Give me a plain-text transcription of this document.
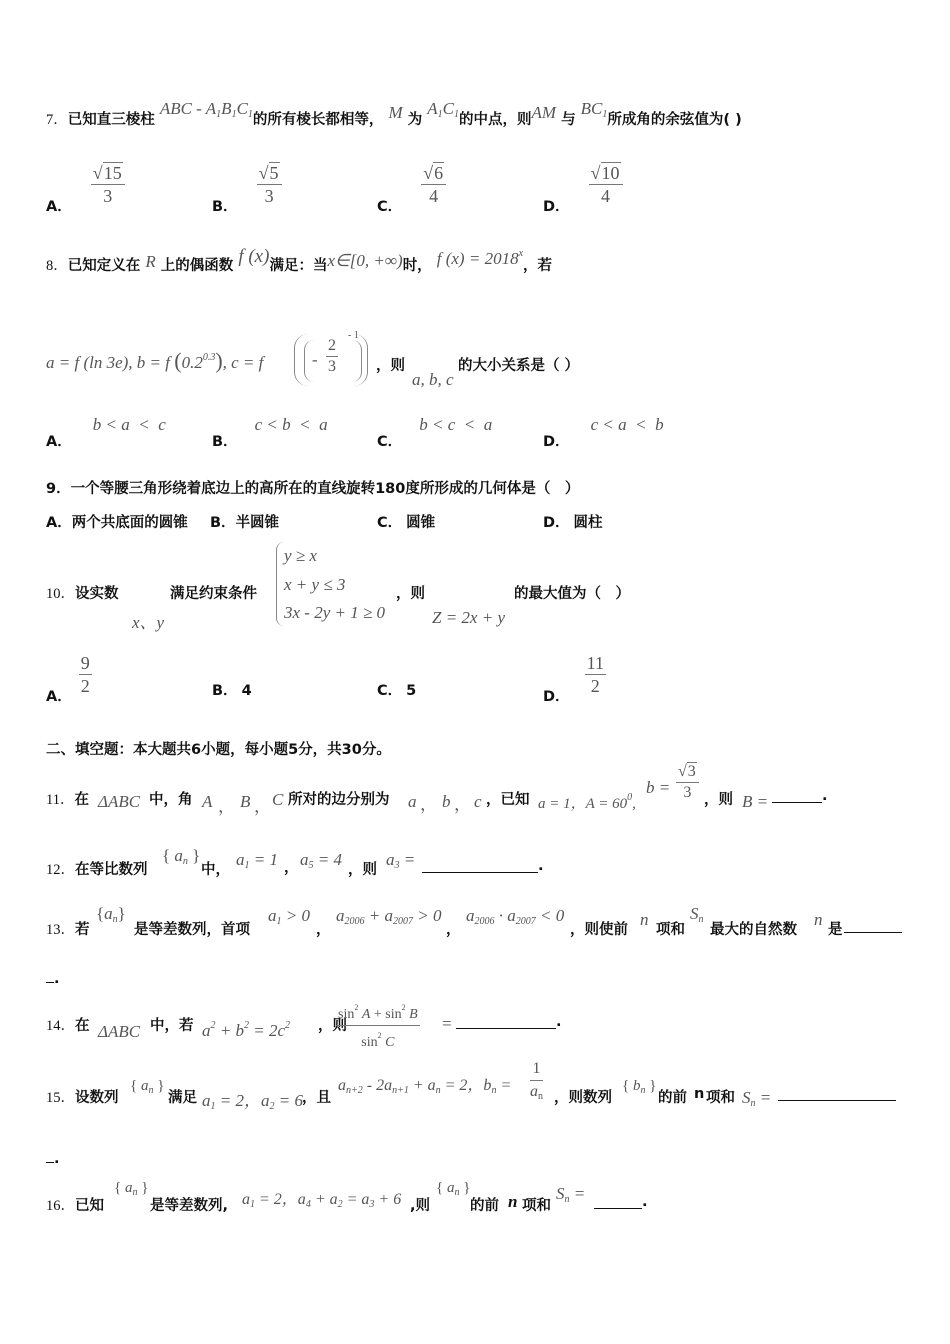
7．已知直三棱柱 ABC - $A_1B_1C_1$的所有棱长都相等， M 为 $A_1C_1$的中点，则AM 与 $BC_1$所成角的余弦值为( )
A． $\frac{√15}{3}$	B． $\frac{√5}{3}$	C． $\frac{√6}{4}$	D． $\frac{√10}{4}$
8．已知定义在 R 上的偶函数 f (x)满足：当x∈[0, +∞)时， f $(x) = 2018^x$，若
a = f (ln 3e), b = f $(0.2^{0.3})$, c = f	- $\frac{2}{3}$
- 1
，则
a, b, c
的大小关系是（ ）
A． b < a  <  c
B． c < b  <  a
C． b < c  <  a
D． c < a  <  b
9．一个等腰三角形绕着底边上的高所在的直线旋转180度所形成的几何体是（　）
A．两个共底面的圆锥 B．半圆锥	C． 圆锥	D． 圆柱
10．设实数
x、y
满足约束条件
y ≥ x
x + y ≤ 3
3x - 2y + 1 ≥ 0
，则
Z = 2x + y
的最大值为（　）
A． $\frac{9}{2}$	B． 4	C． 5	D． $\frac{11}{2}$
二、填空题：本大题共6小题，每小题5分，共30分。
11．在 ΔABC 中，角 A ， B ， C 所对的边分别为 a ， b ， c ，已知 a = 1，$A = 60^0$,
$b = \frac{√3}{3}$ ，则 B =	.
12．在等比数列
{ $a_n$ }
中，
$a_1 = 1$ ， $a_5 = 4$
，则
$a_3$ =	.
13．若
$\{a_n\}$
是等差数列，首项
$a_1 > 0$
，
$a_{2006} + a_{2007} > 0$
，
$a_{2006} \cdot a_{2007} < 0$
，则使前
n
项和
$S_n$
最大的自然数
n
是
.
14．在 ΔABC 中，若 $a^2 + b^2 = 2c^2$ ，则
$\frac{\sin^2 A + \sin^2 B}{\sin^2 C}$ =	.
15．设数列
{ $a_n$ }
满足 $a_1 = 2$，$a_2 = 6$ ，且
$a_{n+2} - 2a_{n+1} + a_n = 2$，$b_n = \frac{1}{a_n}$ ，则数列
{ $b_n$ }
的前 n 项和 $S_n$ =
.
16．已知
{ $a_n$ }
是等差数列, $a_1 = 2$，$a_4 + a_2 = a_3 + 6$ ,则
{ $a_n$ }
的前 n 项和
$S_n$ =	.
